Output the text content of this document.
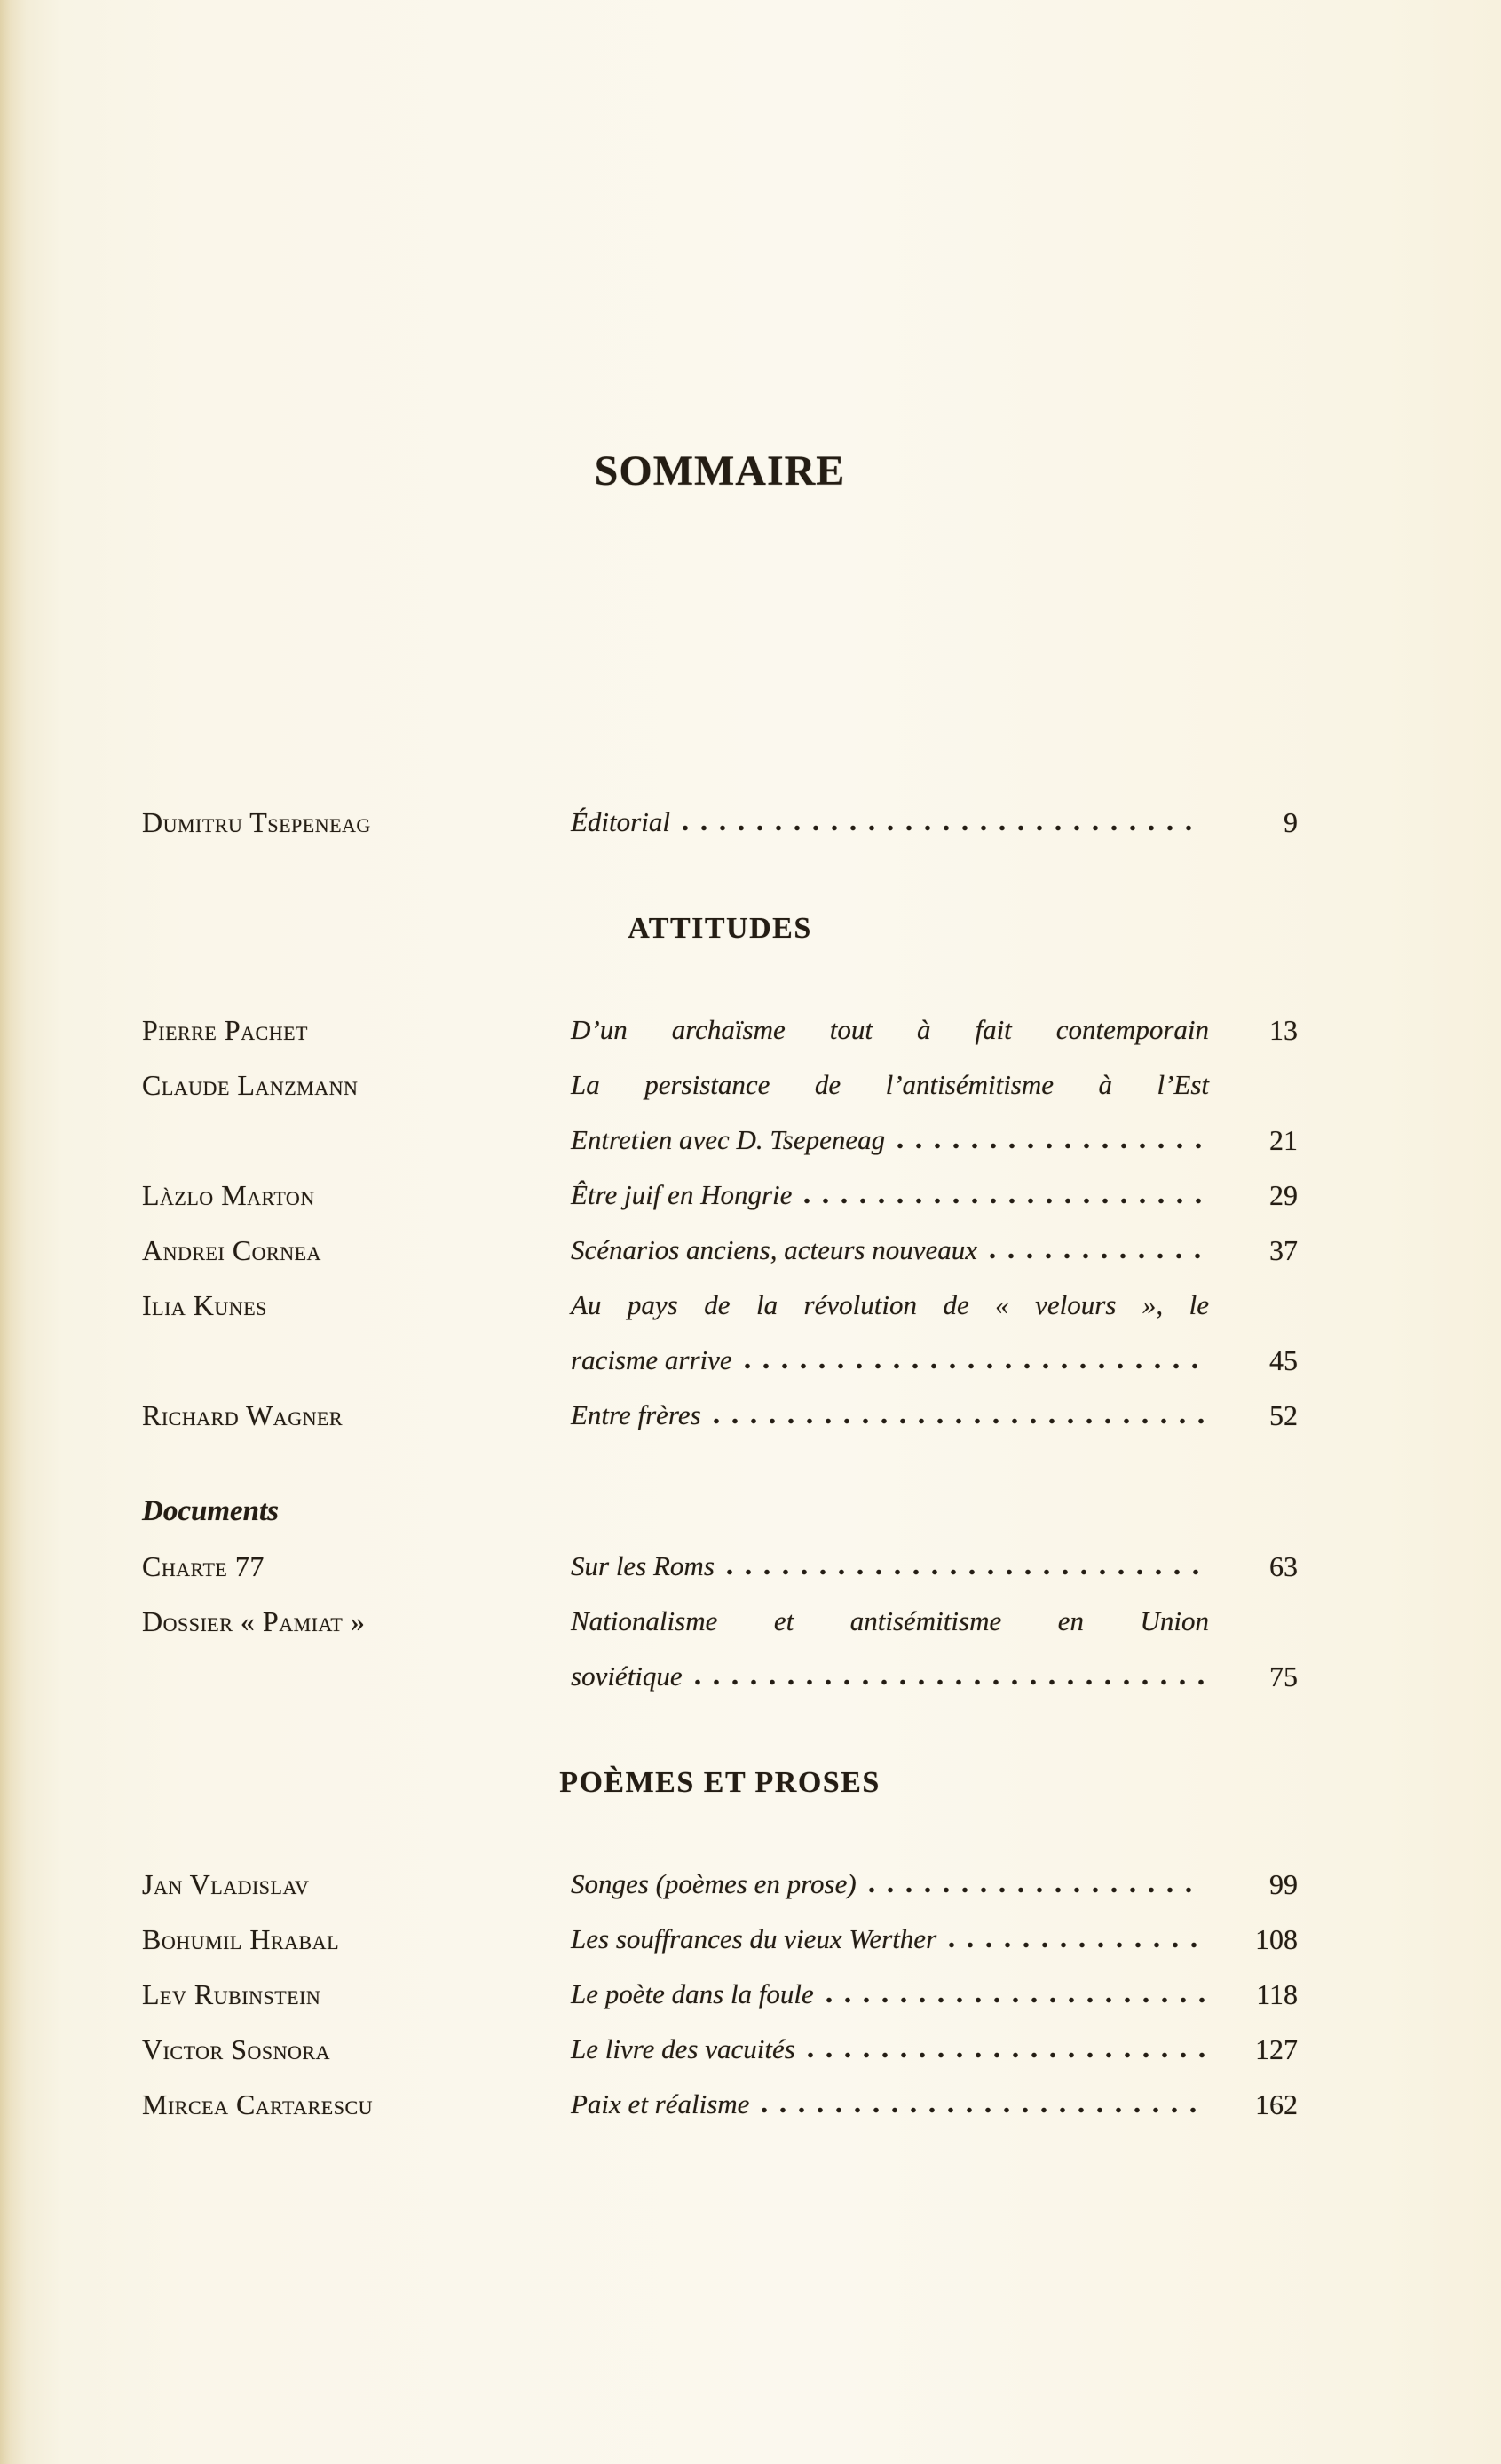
SOMMAIRE
Dumitru Tsepeneag	Éditorial	9
ATTITUDES
Pierre Pachet	D’un archaïsme tout à fait contemporain	13
Claude Lanzmann	La persistance de l’antisémitisme à l’Est
Entretien avec D. Tsepeneag	21
Làzlo Marton	Être juif en Hongrie	29
Andrei Cornea	Scénarios anciens, acteurs nouveaux	37
Ilia Kunes	Au pays de la révolution de « velours », le
racisme arrive	45
Richard Wagner	Entre frères	52
Documents
Charte 77	Sur les Roms	63
Dossier « Pamiat »	Nationalisme et antisémitisme en Union
soviétique	75
POÈMES ET PROSES
Jan Vladislav	Songes (poèmes en prose)	99
Bohumil Hrabal	Les souffrances du vieux Werther	108
Lev Rubinstein	Le poète dans la foule	118
Victor Sosnora	Le livre des vacuités	127
Mircea Cartarescu	Paix et réalisme	162
